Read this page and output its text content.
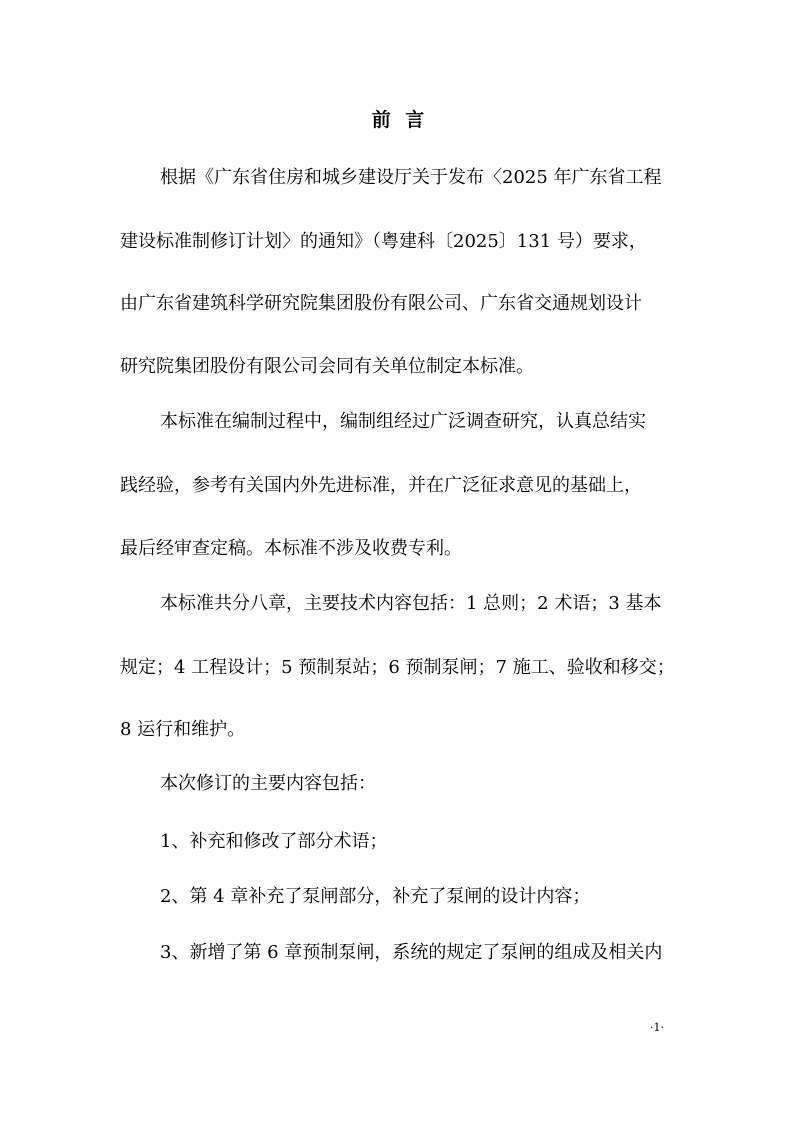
前 言
根据《广东省住房和城乡建设厅关于发布〈2025 年广东省工程
建设标准制修订计划〉的通知》（粤建科〔2025〕131 号）要求，
由广东省建筑科学研究院集团股份有限公司、广东省交通规划设计
研究院集团股份有限公司会同有关单位制定本标准。
本标准在编制过程中，编制组经过广泛调查研究，认真总结实
践经验，参考有关国内外先进标准，并在广泛征求意见的基础上，
最后经审查定稿。本标准不涉及收费专利。
本标准共分八章，主要技术内容包括：1 总则；2 术语；3 基本
规定；4 工程设计；5 预制泵站；6 预制泵闸；7 施工、验收和移交；
8 运行和维护。
本次修订的主要内容包括：
1、补充和修改了部分术语；
2、第 4 章补充了泵闸部分，补充了泵闸的设计内容；
3、新增了第 6 章预制泵闸，系统的规定了泵闸的组成及相关内
·1·
